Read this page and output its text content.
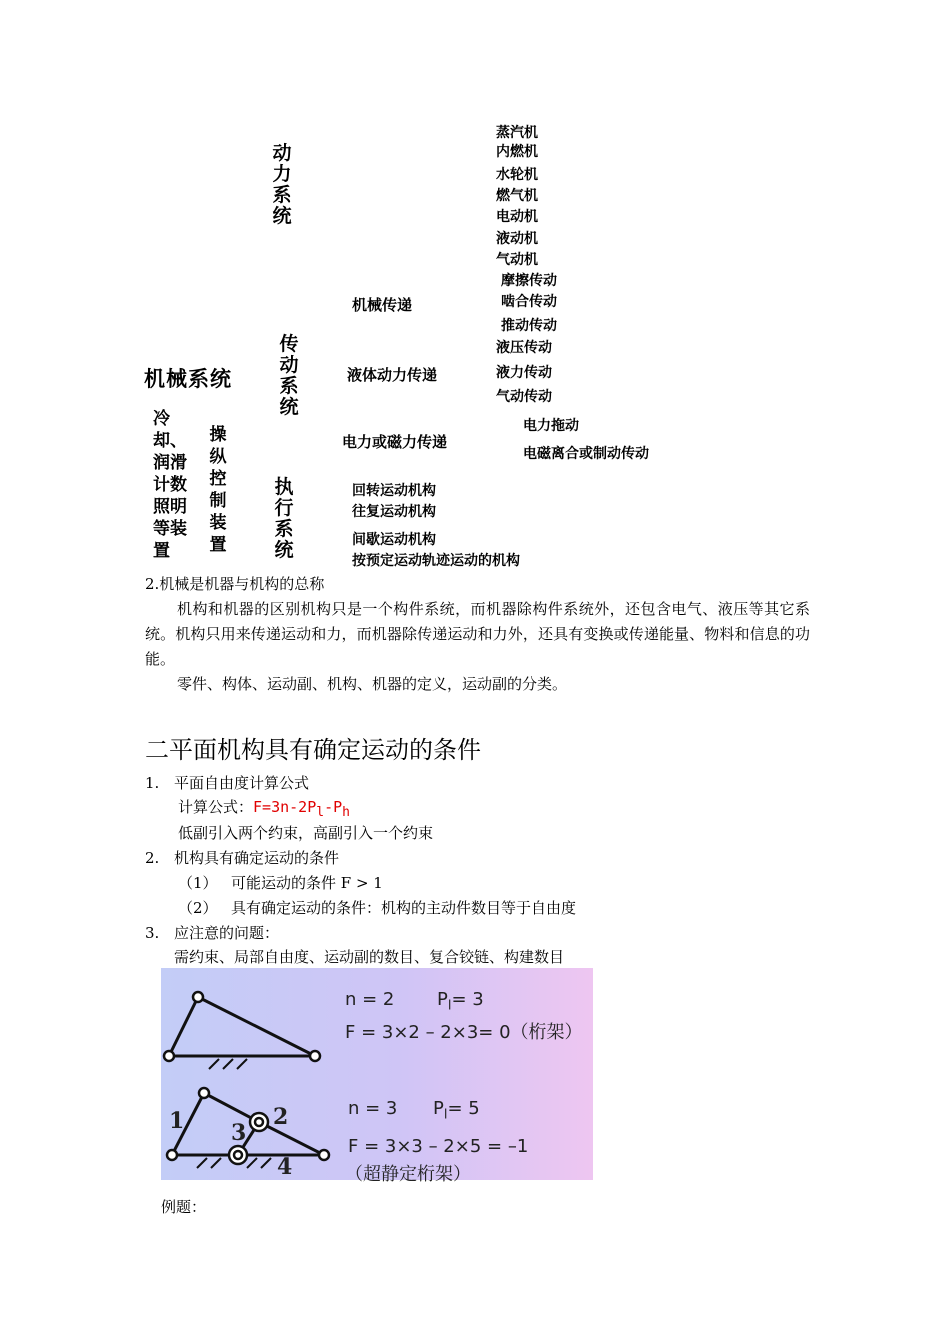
动力系统
蒸汽机
内燃机
水轮机
燃气机
电动机
液动机
气动机
摩擦传动
啮合传动
推动传动
机械传递
传动系统
液压传动
液力传动
气动传动
液体动力传递
机械系统
冷却、润滑计数照明等装置
操纵控制装置
电力拖动
电磁离合或制动传动
电力或磁力传递
执行系统
回转运动机构
往复运动机构
间歇运动机构
按预定运动轨迹运动的机构
2.机械是机器与机构的总称
机构和机器的区别机构只是一个构件系统，而机器除构件系统外，还包含电气、液压等其它系统。机构只用来传递运动和力，而机器除传递运动和力外，还具有变换或传递能量、物料和信息的功能。
零件、构体、运动副、机构、机器的定义，运动副的分类。
二平面机构具有确定运动的条件
1. 平面自由度计算公式
计算公式：$F=3n-2P_l-P_h$
低副引入两个约束，高副引入一个约束
2. 机构具有确定运动的条件
（1） 可能运动的条件 F > 1
（2） 具有确定运动的条件：机构的主动件数目等于自由度
3. 应注意的问题：
需约束、局部自由度、运动副的数目、复合铰链、构建数目
1	2
3
4
n = 2 $P_l= 3$
F = 3×2 – 2×3= 0（桁架）
n = 3 $P_l= 5$
F = 3×3 – 2×5 = –1
（超静定桁架）
例题：
